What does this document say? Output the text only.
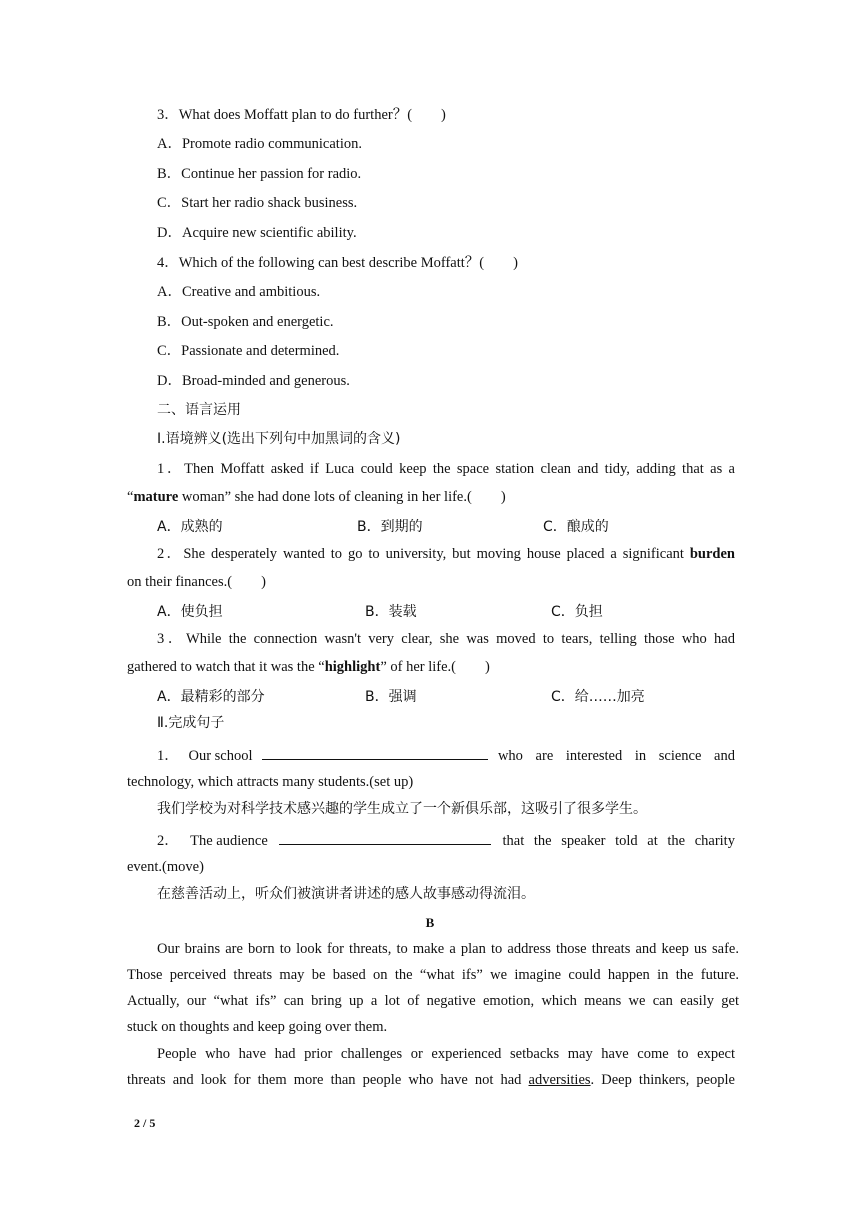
3．What does Moffatt plan to do further？(　　)
A．Promote radio communication.
B．Continue her passion for radio.
C．Start her radio shack business.
D．Acquire new scientific ability.
4．Which of the following can best describe Moffatt？(　　)
A．Creative and ambitious.
B．Out-spoken and energetic.
C．Passionate and determined.
D．Broad-minded and generous.
二、语言运用
Ⅰ.语境辨义(选出下列句中加黑词的含义)
1．Then Moffatt asked if Luca could keep the space station clean and tidy, adding that as a
“mature woman” she had done lots of cleaning in her life.(　　)
A．成熟的	B．到期的	C．酿成的
2．She desperately wanted to go to university, but moving house placed a significant burden
on their finances.(　　)
A．使负担	B．装载	C．负担
3．While the connection wasn't very clear, she was moved to tears, telling those who had
gathered to watch that it was the “highlight” of her life.(　　)
A．最精彩的部分	B．强调	C．给……加亮
Ⅱ.完成句子
1． Our school	who are interested in science and
technology, which attracts many students.(set up)
我们学校为对科学技术感兴趣的学生成立了一个新俱乐部，这吸引了很多学生。
2． The audience	that the speaker told at the charity
event.(move)
在慈善活动上，听众们被演讲者讲述的感人故事感动得流泪。
B
Our brains are born to look for threats, to make a plan to address those threats and keep us safe.
Those perceived threats may be based on the “what ifs” we imagine could happen in the future.
Actually, our “what ifs” can bring up a lot of negative emotion, which means we can easily get
stuck on thoughts and keep going over them.
People who have had prior challenges or experienced setbacks may have come to expect
threats and look for them more than people who have not had adversities. Deep thinkers, people
2 / 5
